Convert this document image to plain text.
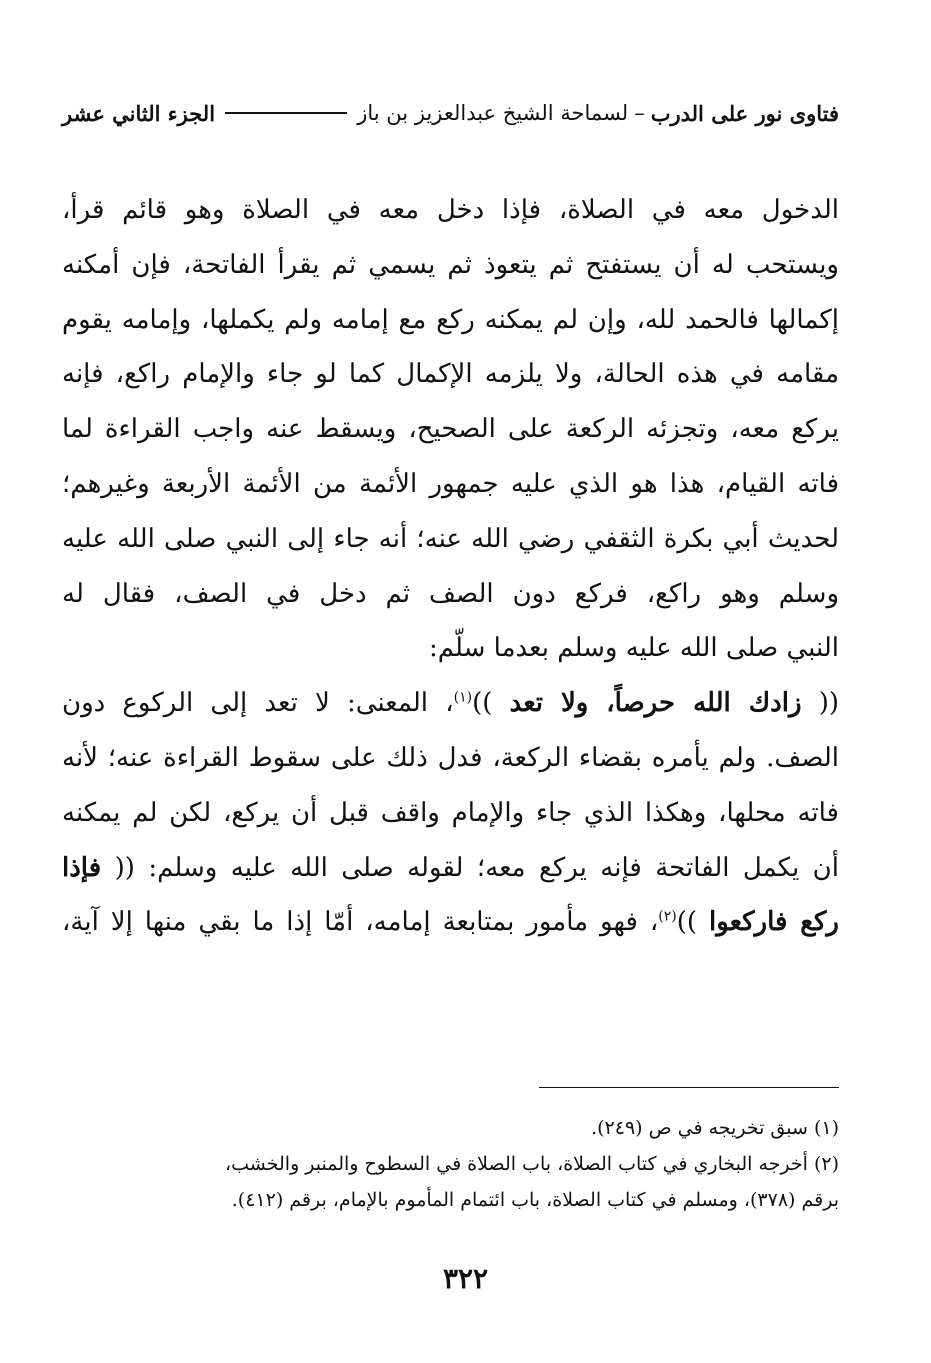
فتاوى نور على الدرب
–
لسماحة الشيخ عبدالعزيز بن باز
الجزء الثاني عشر
الدخول معه في الصلاة، فإذا دخل معه في الصلاة وهو قائم قرأ،
ويستحب له أن يستفتح ثم يتعوذ ثم يسمي ثم يقرأ الفاتحة، فإن أمكنه
إكمالها فالحمد لله، وإن لم يمكنه ركع مع إمامه ولم يكملها، وإمامه يقوم
مقامه في هذه الحالة، ولا يلزمه الإكمال كما لو جاء والإمام راكع، فإنه
يركع معه، وتجزئه الركعة على الصحيح، ويسقط عنه واجب القراءة لما
فاته القيام، هذا هو الذي عليه جمهور الأئمة من الأئمة الأربعة وغيرهم؛
لحديث أبي بكرة الثقفي رضي الله عنه؛ أنه جاء إلى النبي صلى الله عليه
وسلم وهو راكع، فركع دون الصف ثم دخل في الصف، فقال له
النبي صلى الله عليه وسلم بعدما سلّم:
(( زادك الله حرصاً، ولا تعد ))$^{(١)}$، المعنى: لا تعد إلى الركوع دون
الصف. ولم يأمره بقضاء الركعة، فدل ذلك على سقوط القراءة عنه؛ لأنه
فاته محلها، وهكذا الذي جاء والإمام واقف قبل أن يركع، لكن لم يمكنه
أن يكمل الفاتحة فإنه يركع معه؛ لقوله صلى الله عليه وسلم: (( فإذا
ركع فاركعوا ))$^{(٢)}$، فهو مأمور بمتابعة إمامه، أمّا إذا ما بقي منها إلا آية،
(١) سبق تخريجه في ص (٢٤٩).
(٢) أخرجه البخاري في كتاب الصلاة، باب الصلاة في السطوح والمنبر والخشب،
برقم (٣٧٨)، ومسلم في كتاب الصلاة، باب ائتمام المأموم بالإمام، برقم (٤١٢).
٣٢٢
